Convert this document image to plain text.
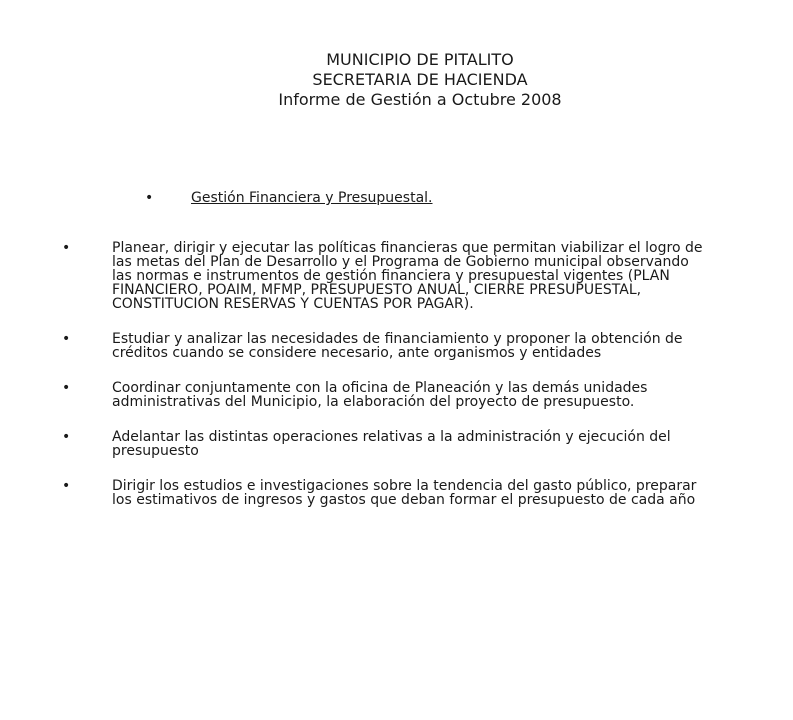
MUNICIPIO DE PITALITO
SECRETARIA DE HACIENDA
Informe de Gestión a Octubre 2008
•	Gestión Financiera y Presupuestal.
•	Planear, dirigir y ejecutar las políticas financieras que permitan viabilizar el logro de
las metas del Plan de Desarrollo y el Programa de Gobierno municipal observando
las normas e instrumentos de gestión financiera y presupuestal vigentes (PLAN
FINANCIERO, POAIM, MFMP, PRESUPUESTO ANUAL, CIERRE PRESUPUESTAL,
CONSTITUCION RESERVAS Y CUENTAS POR PAGAR).
•	Estudiar y analizar las necesidades de financiamiento y proponer la obtención de
créditos cuando se considere necesario, ante organismos y entidades
•	Coordinar conjuntamente con la oficina de Planeación y las demás unidades
administrativas del Municipio, la elaboración del proyecto de presupuesto.
•	Adelantar las distintas operaciones relativas a la administración y ejecución del
presupuesto
•	Dirigir los estudios e investigaciones sobre la tendencia del gasto público, preparar
los estimativos de ingresos y gastos que deban formar el presupuesto de cada año
